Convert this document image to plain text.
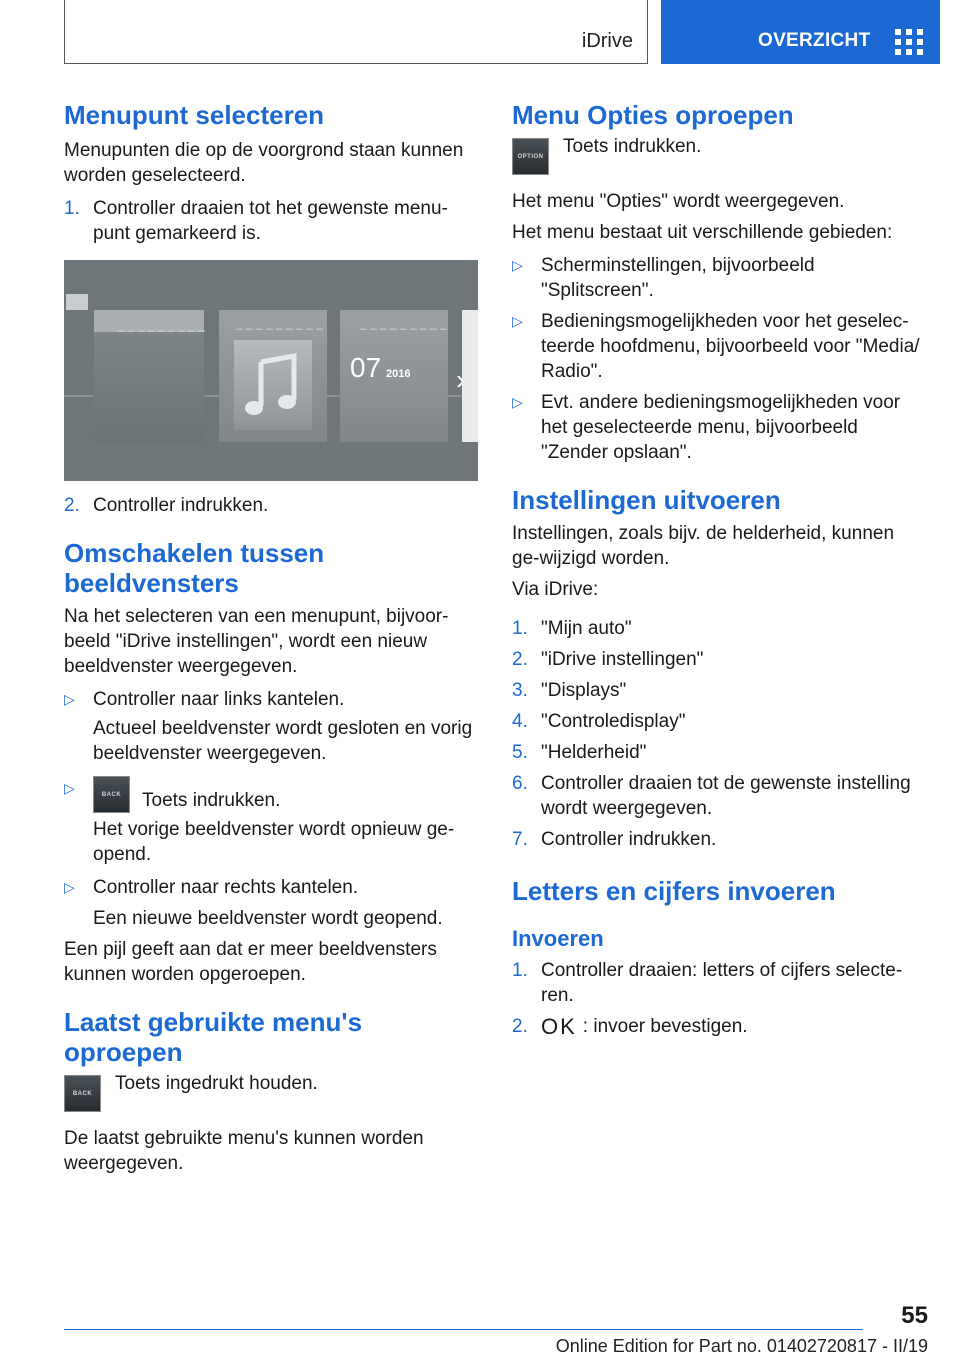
iDrive	OVERZICHT
Menupunt selecteren

Menupunten die op de voorgrond staan kunnen worden geselecteerd.

1. Controller draaien tot het gewenste menu-punt gemarkeerd is.
_ _ _ _ _ _ _ _ _	_ _ _ _ _ _ _ _ _	_ _ _ _ _ _ _ _ _
07 2016 ›
2. Controller indrukken.
Omschakelen tussen beeldvensters

Na het selecteren van een menupunt, bijvoor-beeld "iDrive instellingen", wordt een nieuw beeldvenster weergegeven.

▷ Controller naar links kantelen.
Actueel beeldvenster wordt gesloten en vorig beeldvenster weergegeven.
▷	BACK	Toets indrukken.
Het vorige beeldvenster wordt opnieuw ge-opend.
▷ Controller naar rechts kantelen.
Een nieuwe beeldvenster wordt geopend.

Een pijl geeft aan dat er meer beeldvensters kunnen worden opgeroepen.

Laatst gebruikte menu's oproepen
BACK	Toets ingedrukt houden.

De laatst gebruikte menu's kunnen worden weergegeven.

Menu Opties oproepen
OPTION Toets indrukken.

Het menu "Opties" wordt weergegeven.

Het menu bestaat uit verschillende gebieden:

▷ Scherminstellingen, bijvoorbeeld "Splitscreen".
▷ Bedieningsmogelijkheden voor het geselec-teerde hoofdmenu, bijvoorbeeld voor "Media/ Radio".
▷ Evt. andere bedieningsmogelijkheden voor het geselecteerde menu, bijvoorbeeld "Zender opslaan".
Instellingen uitvoeren

Instellingen, zoals bijv. de helderheid, kunnen ge-wijzigd worden.

Via iDrive:

1. "Mijn auto"
2. "iDrive instellingen"
3. "Displays"
4. "Controledisplay"
5. "Helderheid"
6. Controller draaien tot de gewenste instelling wordt weergegeven.
7. Controller indrukken.
Letters en cijfers invoeren
Invoeren
1. Controller draaien: letters of cijfers selecte-ren.
2. OK : invoer bevestigen.
55
Online Edition for Part no. 01402720817 - II/19
